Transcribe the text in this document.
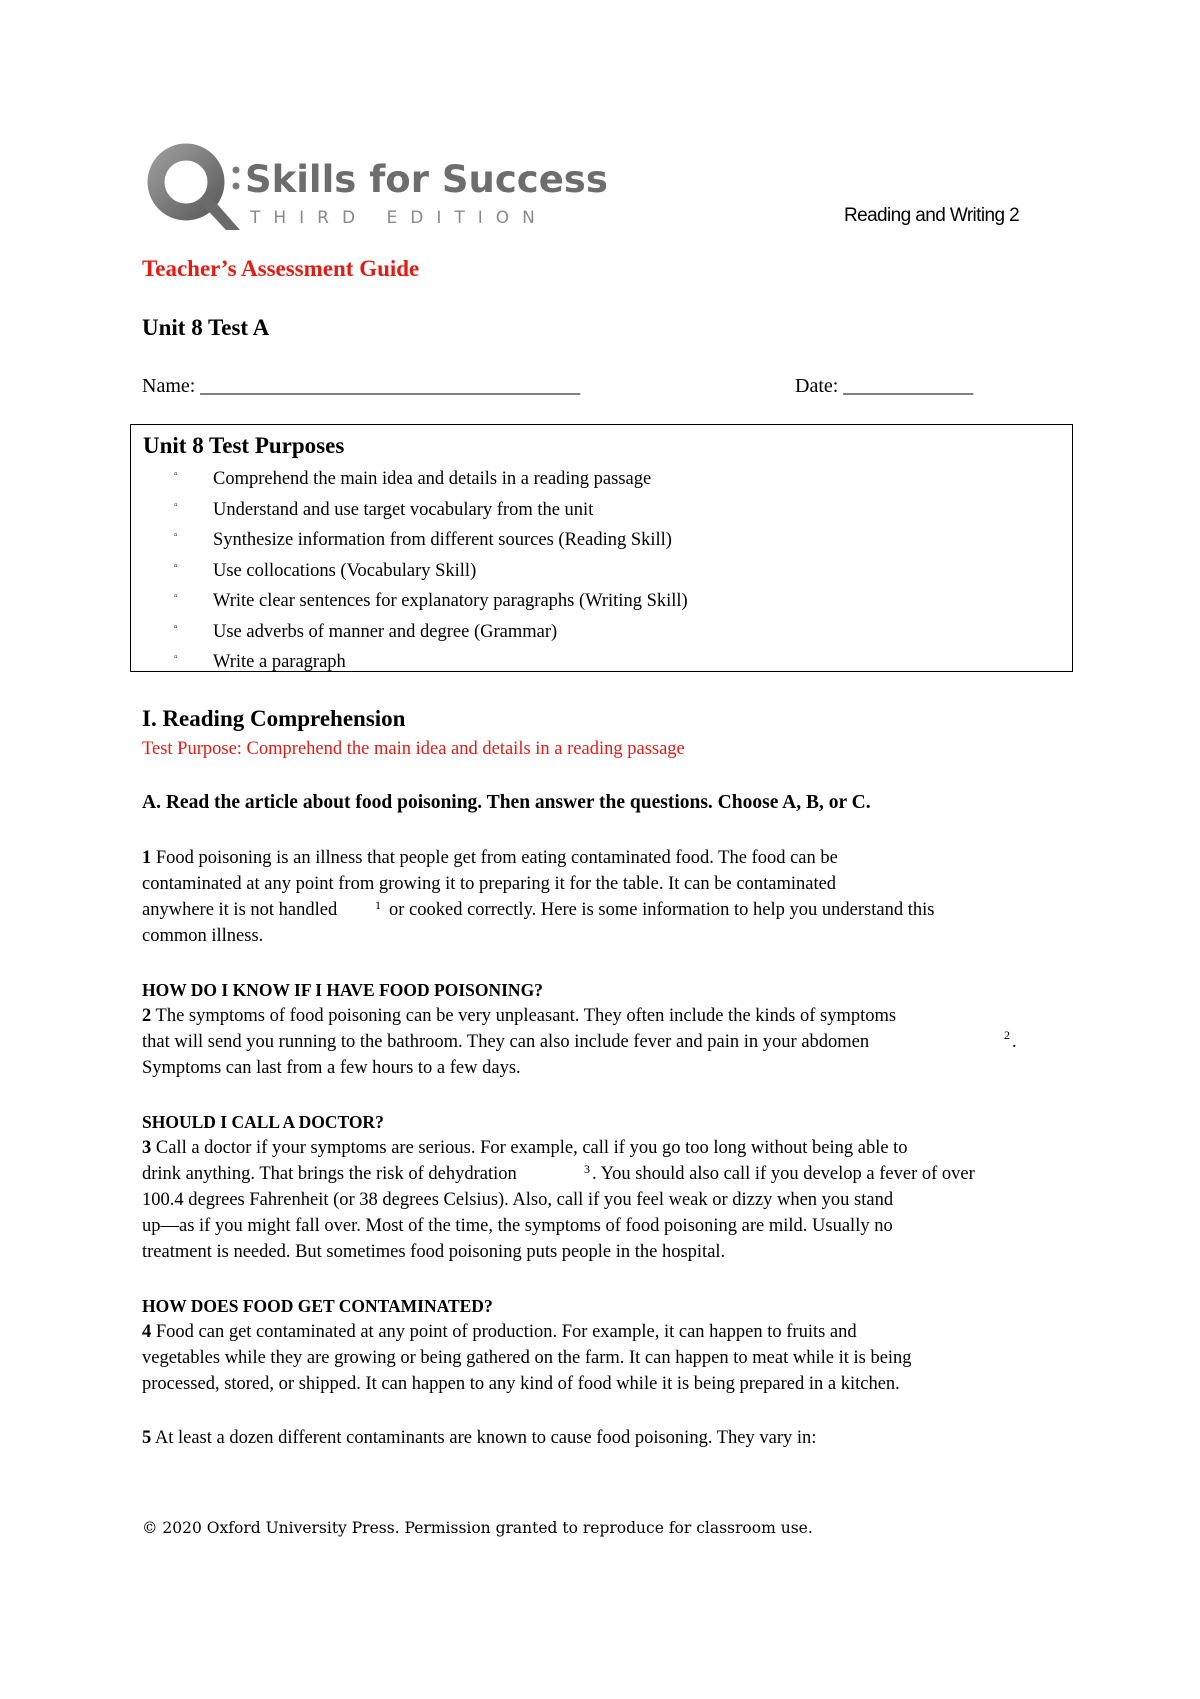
Skills for Success
THIRD EDITION	Reading and Writing 2
Teacher’s Assessment Guide
Unit 8 Test A
Name: ______________________________________	Date: _____________
Unit 8 Test Purposes
▫ Comprehend the main idea and details in a reading passage
▫ Understand and use target vocabulary from the unit
▫ Synthesize information from different sources (Reading Skill)
▫ Use collocations (Vocabulary Skill)
▫ Write clear sentences for explanatory paragraphs (Writing Skill)
▫ Use adverbs of manner and degree (Grammar)
▫ Write a paragraph
I. Reading Comprehension
Test Purpose: Comprehend the main idea and details in a reading passage
A. Read the article about food poisoning. Then answer the questions. Choose A, B, or C.
1 Food poisoning is an illness that people get from eating contaminated food. The food can be
contaminated at any point from growing it to preparing it for the table. It can be contaminated
anywhere it is not handled	1 or cooked correctly. Here is some information to help you understand this
common illness.
HOW DO I KNOW IF I HAVE FOOD POISONING?
2 The symptoms of food poisoning can be very unpleasant. They often include the kinds of symptoms
that will send you running to the bathroom. They can also include fever and pain in your abdomen	2 .
Symptoms can last from a few hours to a few days.
SHOULD I CALL A DOCTOR?
3 Call a doctor if your symptoms are serious. For example, call if you go too long without being able to
drink anything. That brings the risk of dehydration	3 . You should also call if you develop a fever of over
100.4 degrees Fahrenheit (or 38 degrees Celsius). Also, call if you feel weak or dizzy when you stand
up—as if you might fall over. Most of the time, the symptoms of food poisoning are mild. Usually no
treatment is needed. But sometimes food poisoning puts people in the hospital.
HOW DOES FOOD GET CONTAMINATED?
4 Food can get contaminated at any point of production. For example, it can happen to fruits and
vegetables while they are growing or being gathered on the farm. It can happen to meat while it is being
processed, stored, or shipped. It can happen to any kind of food while it is being prepared in a kitchen.
5 At least a dozen different contaminants are known to cause food poisoning. They vary in:
© 2020 Oxford University Press. Permission granted to reproduce for classroom use.
